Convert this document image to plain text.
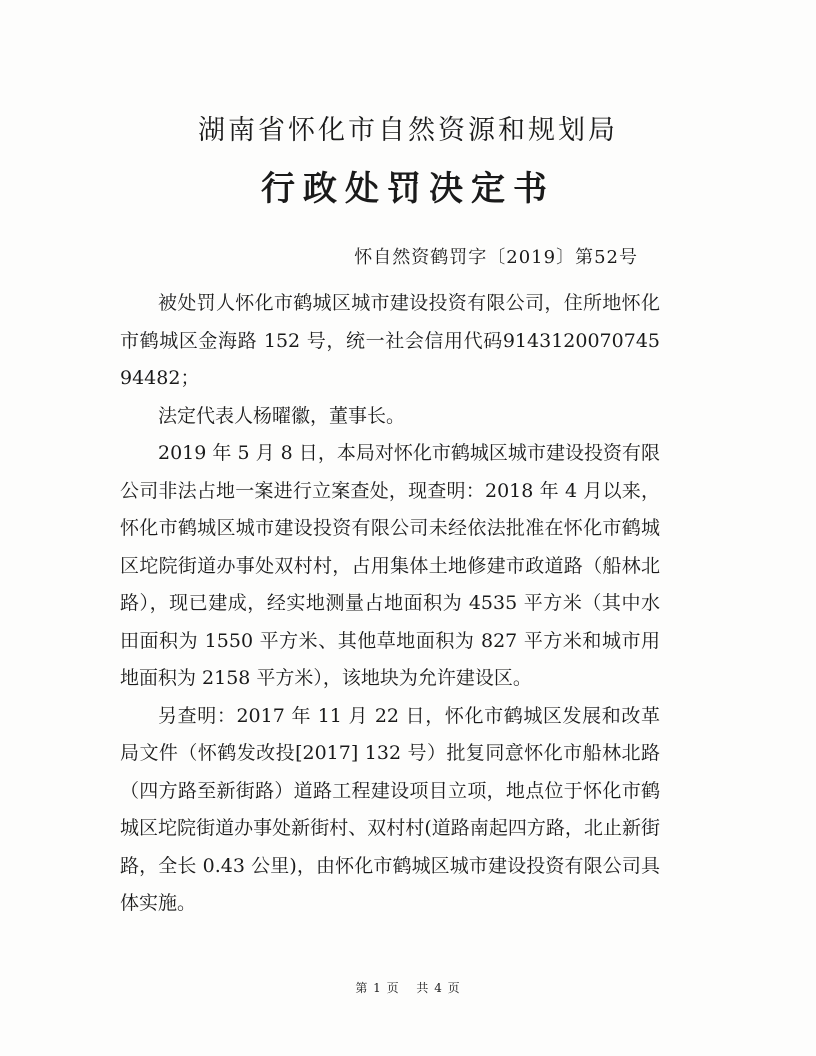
湖南省怀化市自然资源和规划局
行政处罚决定书
怀自然资鹤罚字〔2019〕第52号

被处罚人怀化市鹤城区城市建设投资有限公司，住所地怀化市鹤城区金海路 152 号，统一社会信用代码914312007074594482；

法定代表人杨曜徽，董事长。

2019 年 5 月 8 日，本局对怀化市鹤城区城市建设投资有限公司非法占地一案进行立案查处，现查明：2018 年 4 月以来，怀化市鹤城区城市建设投资有限公司未经依法批准在怀化市鹤城区坨院街道办事处双村村，占用集体土地修建市政道路（船林北路），现已建成，经实地测量占地面积为 4535 平方米（其中水田面积为 1550 平方米、其他草地面积为 827 平方米和城市用地面积为 2158 平方米），该地块为允许建设区。

另查明：2017 年 11 月 22 日，怀化市鹤城区发展和改革局文件（怀鹤发改投[2017] 132 号）批复同意怀化市船林北路（四方路至新街路）道路工程建设项目立项，地点位于怀化市鹤城区坨院街道办事处新街村、双村村(道路南起四方路，北止新街路，全长 0.43 公里)，由怀化市鹤城区城市建设投资有限公司具体实施。

第 1 页 共 4 页
